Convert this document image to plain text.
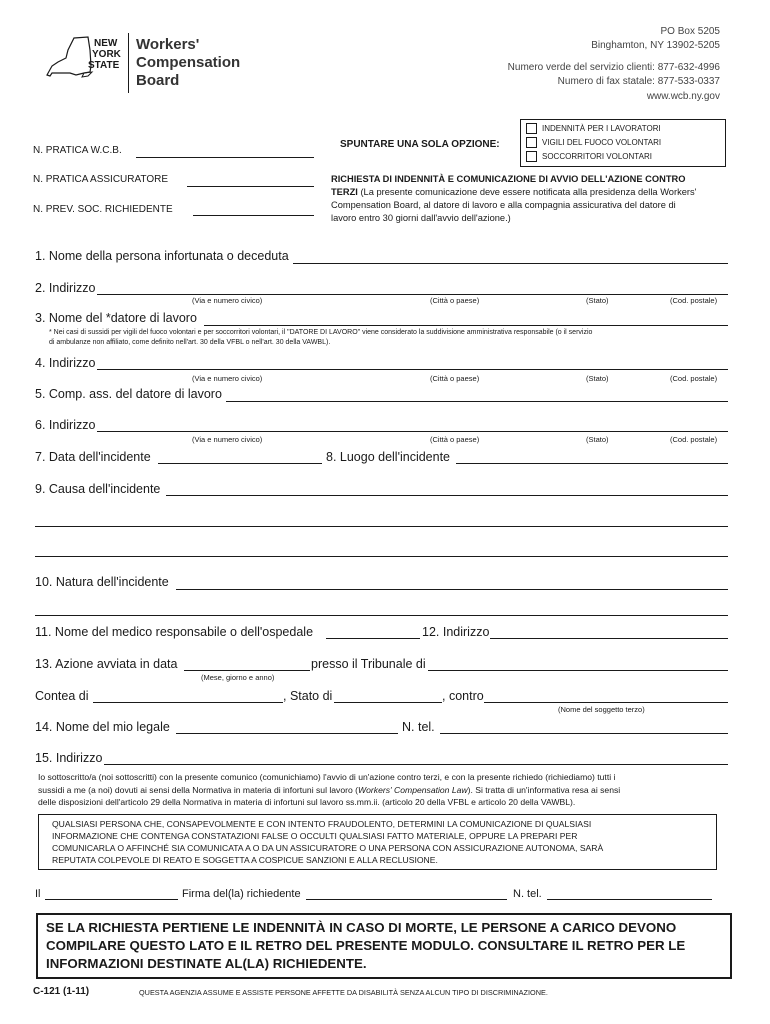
NEW
YORK
STATE
Workers'
Compensation
Board
PO Box 5205
Binghamton, NY 13902-5205
Numero verde del servizio clienti: 877-632-4996
Numero di fax statale: 877-533-0337
www.wcb.ny.gov
SPUNTARE UNA SOLA OPZIONE:
INDENNITÀ PER I LAVORATORI
VIGILI DEL FUOCO VOLONTARI
SOCCORRITORI VOLONTARI
N. PRATICA W.C.B.
N. PRATICA ASSICURATORE
N. PREV. SOC. RICHIEDENTE
RICHIESTA DI INDENNITÀ E COMUNICAZIONE DI AVVIO DELL'AZIONE CONTRO
TERZI (La presente comunicazione deve essere notificata alla presidenza della Workers'
Compensation Board, al datore di lavoro e alla compagnia assicurativa del datore di
lavoro entro 30 giorni dall'avvio dell'azione.)
1. Nome della persona infortunata o deceduta
2. Indirizzo
(Via e numero civico)	(Città o paese)	(Stato)	(Cod. postale)
3. Nome del *datore di lavoro
* Nei casi di sussidi per vigili del fuoco volontari e per soccorritori volontari, il "DATORE DI LAVORO" viene considerato la suddivisione amministrativa responsabile (o il servizio
di ambulanze non affiliato, come definito nell'art. 30 della VFBL o nell'art. 30 della VAWBL).
4. Indirizzo
(Via e numero civico)	(Città o paese)	(Stato)	(Cod. postale)
5. Comp. ass. del datore di lavoro
6. Indirizzo
(Via e numero civico)	(Città o paese)	(Stato)	(Cod. postale)
7. Data dell'incidente	8. Luogo dell'incidente
9. Causa dell'incidente
10. Natura dell'incidente
11. Nome del medico responsabile o dell'ospedale	12. Indirizzo
13. Azione avviata in data
(Mese, giorno e anno)
presso il Tribunale di
Contea di	, Stato di	, contro
(Nome del soggetto terzo)
14. Nome del mio legale	N. tel.
15. Indirizzo
Io sottoscritto/a (noi sottoscritti) con la presente comunico (comunichiamo) l'avvio di un'azione contro terzi, e con la presente richiedo (richiediamo) tutti i
sussidi a me (a noi) dovuti ai sensi della Normativa in materia di infortuni sul lavoro (Workers' Compensation Law). Si tratta di un'informativa resa ai sensi
delle disposizioni dell'articolo 29 della Normativa in materia di infortuni sul lavoro ss.mm.ii. (articolo 20 della VFBL e articolo 20 della VAWBL).
QUALSIASI PERSONA CHE, CONSAPEVOLMENTE E CON INTENTO FRAUDOLENTO, DETERMINI LA COMUNICAZIONE DI QUALSIASI
INFORMAZIONE CHE CONTENGA CONSTATAZIONI FALSE O OCCULTI QUALSIASI FATTO MATERIALE, OPPURE LA PREPARI PER
COMUNICARLA O AFFINCHÉ SIA COMUNICATA A O DA UN ASSICURATORE O UNA PERSONA CON ASSICURAZIONE AUTONOMA, SARÀ
REPUTATA COLPEVOLE DI REATO E SOGGETTA A COSPICUE SANZIONI E ALLA RECLUSIONE.
Il	Firma del(la) richiedente	N. tel.
SE LA RICHIESTA PERTIENE LE INDENNITÀ IN CASO DI MORTE, LE PERSONE A CARICO DEVONO
COMPILARE QUESTO LATO E IL RETRO DEL PRESENTE MODULO. CONSULTARE IL RETRO PER LE
INFORMAZIONI DESTINATE AL(LA) RICHIEDENTE.
C-121 (1-11)	QUESTA AGENZIA ASSUME E ASSISTE PERSONE AFFETTE DA DISABILITÀ SENZA ALCUN TIPO DI DISCRIMINAZIONE.
